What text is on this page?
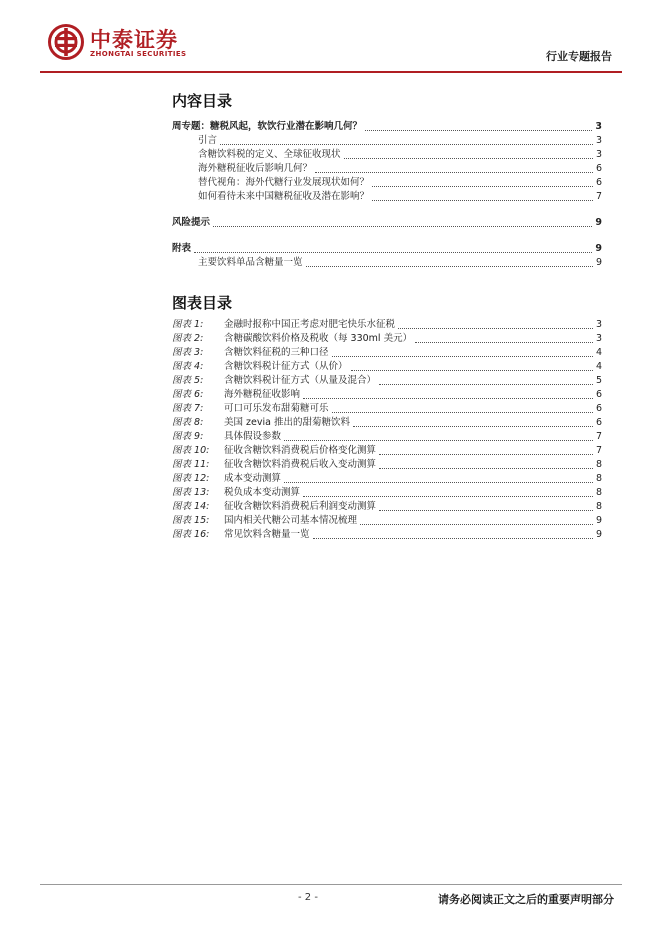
中泰证券
ZHONGTAI SECURITIES	行业专题报告
内容目录
周专题：糖税风起，软饮行业潜在影响几何？	3
引言	3
含糖饮料税的定义、全球征收现状	3
海外糖税征收后影响几何？	6
替代视角：海外代糖行业发展现状如何？	6
如何看待未来中国糖税征收及潜在影响？	7
风险提示	9
附表	9
主要饮料单品含糖量一览	9
图表目录
图表 1:	金融时报称中国正考虑对肥宅快乐水征税	3
图表 2:	含糖碳酸饮料价格及税收（每 330ml 美元）	3
图表 3:	含糖饮料征税的三种口径	4
图表 4:	含糖饮料税计征方式（从价）	4
图表 5:	含糖饮料税计征方式（从量及混合）	5
图表 6:	海外糖税征收影响	6
图表 7:	可口可乐发布甜菊糖可乐	6
图表 8:	美国 zevia 推出的甜菊糖饮料	6
图表 9:	具体假设参数	7
图表 10:	征收含糖饮料消费税后价格变化测算	7
图表 11:	征收含糖饮料消费税后收入变动测算	8
图表 12:	成本变动测算	8
图表 13:	税负成本变动测算	8
图表 14:	征收含糖饮料消费税后利润变动测算	8
图表 15:	国内相关代糖公司基本情况梳理	9
图表 16:	常见饮料含糖量一览	9
- 2 -	请务必阅读正文之后的重要声明部分
